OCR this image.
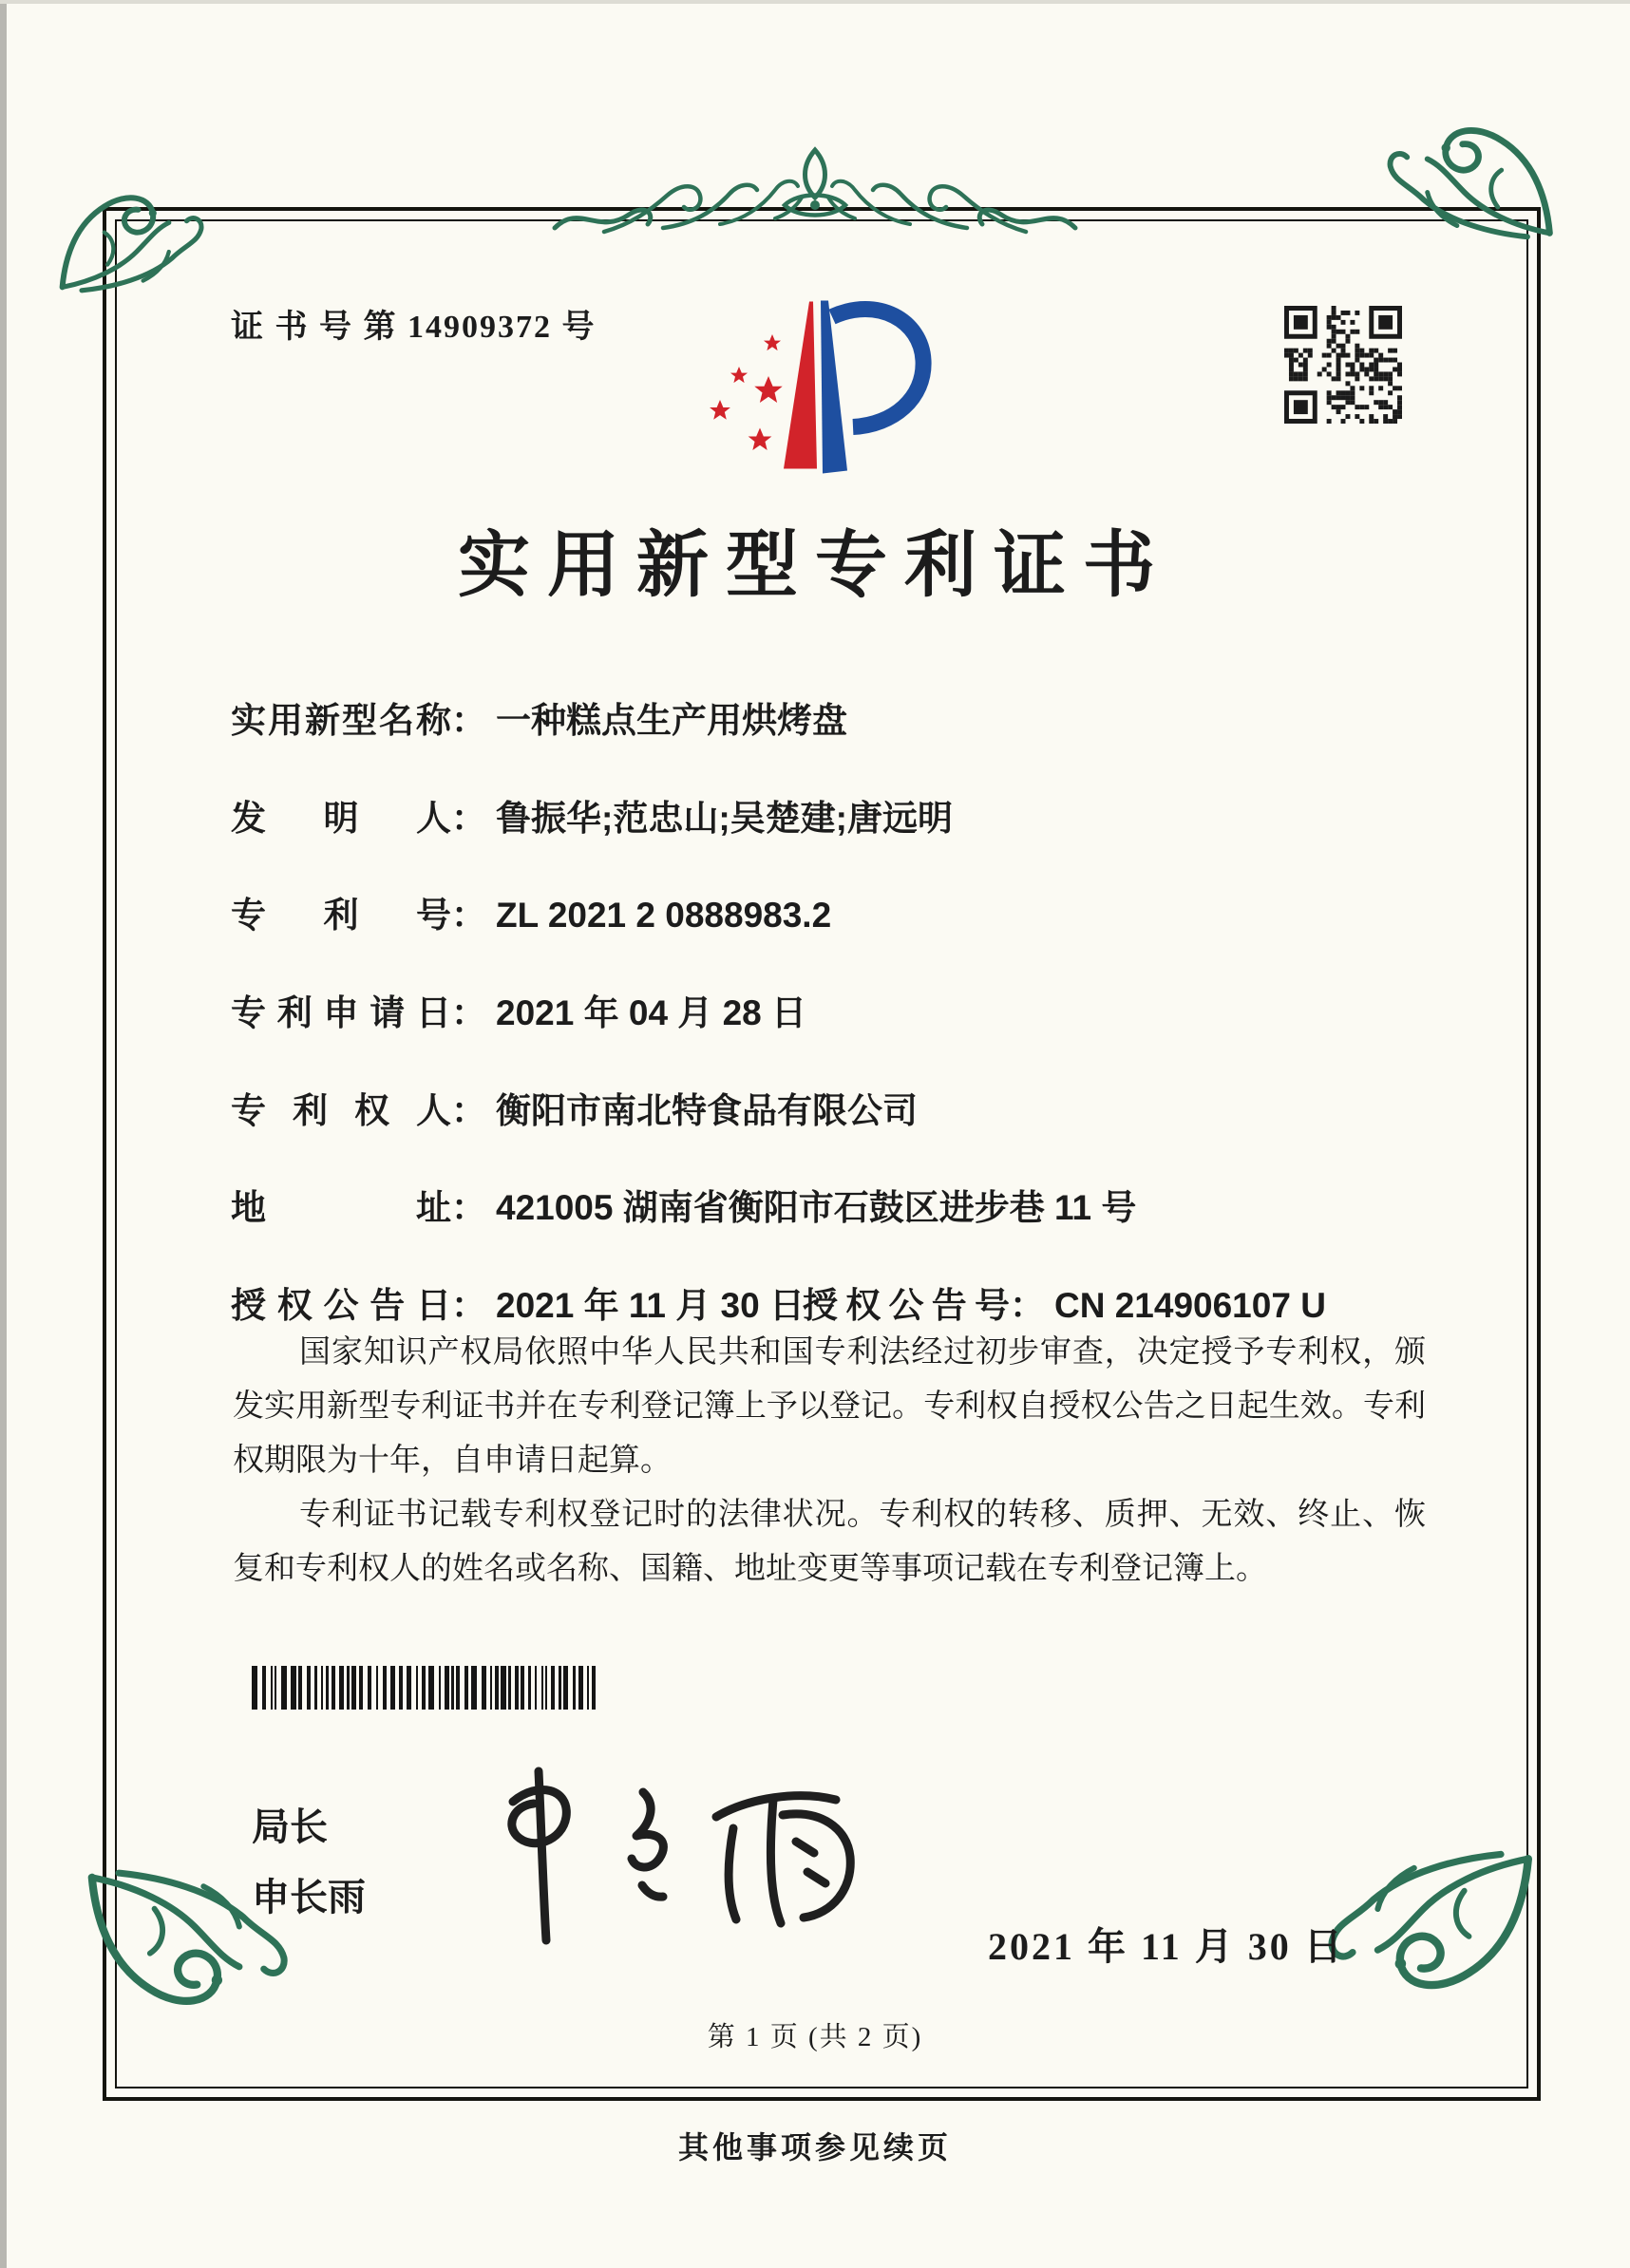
证 书 号 第 14909372 号
实用新型专利证书
实用新型名称： 一种糕点生产用烘烤盘
发明人： 鲁振华;范忠山;吴楚建;唐远明
专利号： ZL 2021 2 0888983.2
专利申请日： 2021 年 04 月 28 日
专利权人： 衡阳市南北特食品有限公司
地址： 421005 湖南省衡阳市石鼓区进步巷 11 号
授权公告日： 2021 年 11 月 30 日
授权公告号： CN 214906107 U

国家知识产权局依照中华人民共和国专利法经过初步审查，决定授予专利权，颁发实用新型专利证书并在专利登记簿上予以登记。专利权自授权公告之日起生效。专利权期限为十年，自申请日起算。

专利证书记载专利权登记时的法律状况。专利权的转移、质押、无效、终止、恢复和专利权人的姓名或名称、国籍、地址变更等事项记载在专利登记簿上。

局长
申长雨
2021 年 11 月 30 日
第 1 页 (共 2 页)
其他事项参见续页
